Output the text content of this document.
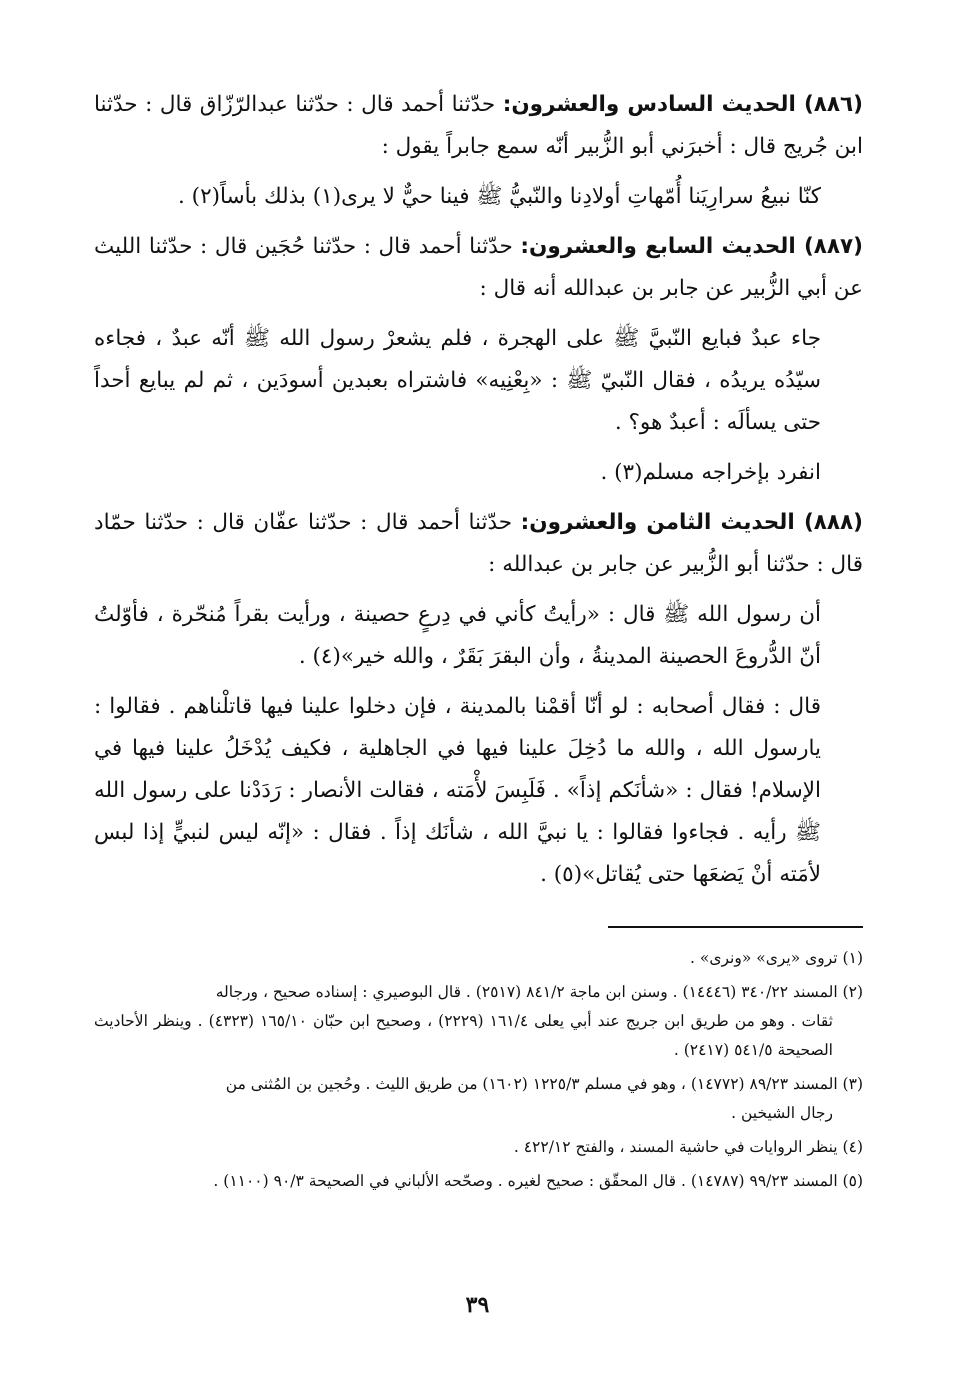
(٨٨٦) الحديث السادس والعشرون: حدّثنا أحمد قال : حدّثنا عبدالرّزّاق قال : حدّثنا ابن جُريج قال : أخبرَني أبو الزُّبير أنّه سمع جابراً يقول :

كنّا نبيعُ سرارِيَنا أُمّهاتِ أولادِنا والنّبيُّ ﷺ فينا حيٌّ لا يرى(١) بذلك بأساً(٢) .

(٨٨٧) الحديث السابع والعشرون: حدّثنا أحمد قال : حدّثنا حُجَين قال : حدّثنا الليث عن أبي الزُّبير عن جابر بن عبدالله أنه قال :

جاء عبدٌ فبايع النّبيَّ ﷺ على الهجرة ، فلم يشعرْ رسول الله ﷺ أنّه عبدٌ ، فجاءه سيّدُه يريدُه ، فقال النّبيّ ﷺ : «بِعْنِيه» فاشتراه بعبدين أسودَين ، ثم لم يبايع أحداً حتى يسألَه : أعبدٌ هو؟ .

انفرد بإخراجه مسلم(٣) .

(٨٨٨) الحديث الثامن والعشرون: حدّثنا أحمد قال : حدّثنا عفّان قال : حدّثنا حمّاد قال : حدّثنا أبو الزُّبير عن جابر بن عبدالله :

أن رسول الله ﷺ قال : «رأيتُ كأني في دِرعٍ حصينة ، ورأيت بقراً مُنحّرة ، فأوّلتُ أنّ الدُّروعَ الحصينة المدينةُ ، وأن البقرَ بَقَرٌ ، والله خير»(٤) .

قال : فقال أصحابه : لو أنّا أقمْنا بالمدينة ، فإن دخلوا علينا فيها قاتلْناهم . فقالوا : يارسول الله ، والله ما دُخِلَ علينا فيها في الجاهلية ، فكيف يُدْخَلُ علينا فيها في الإسلام! فقال : «شأنَكم إذاً» . فَلَبِسَ لأْمَته ، فقالت الأنصار : رَدَدْنا على رسول الله ﷺ رأيه . فجاءوا فقالوا : يا نبيَّ الله ، شأنَك إذاً . فقال : «إنّه ليس لنبيٍّ إذا لبس لأمَته أنْ يَضعَها حتى يُقاتل»(٥) .

(١) تروى «يرى» «ونرى» .

(٢) المسند ٣٤٠/٢٢ (١٤٤٤٦) . وسنن ابن ماجة ٨٤١/٢ (٢٥١٧) . قال البوصيري : إسناده صحيح ، ورجاله
ثقات . وهو من طريق ابن جريج عند أبي يعلى ١٦١/٤ (٢٢٢٩) ، وصحيح ابن حبّان ١٦٥/١٠ (٤٣٢٣) . وينظر الأحاديث الصحيحة ٥٤١/٥ (٢٤١٧) .

(٣) المسند ٨٩/٢٣ (١٤٧٧٢) ، وهو في مسلم ١٢٢٥/٣ (١٦٠٢) من طريق الليث . وحُجين بن المُثنى من
رجال الشيخين .

(٤) ينظر الروايات في حاشية المسند ، والفتح ٤٢٢/١٢ .

(٥) المسند ٩٩/٢٣ (١٤٧٨٧) . قال المحقّق : صحيح لغيره . وصحّحه الألباني في الصحيحة ٩٠/٣ (١١٠٠) .

٣٩
